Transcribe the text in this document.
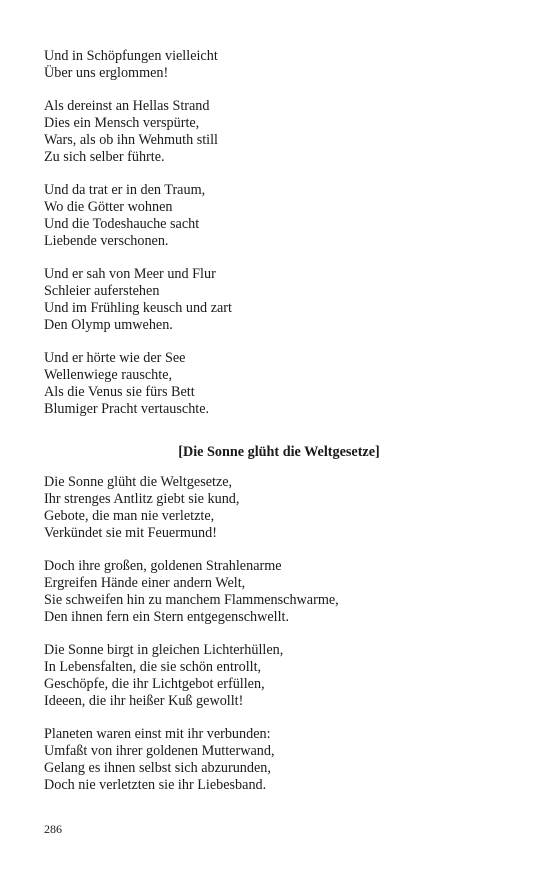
Und in Schöpfungen vielleicht
Über uns erglommen!
Als dereinst an Hellas Strand
Dies ein Mensch verspürte,
Wars, als ob ihn Wehmuth still
Zu sich selber führte.
Und da trat er in den Traum,
Wo die Götter wohnen
Und die Todeshauche sacht
Liebende verschonen.
Und er sah von Meer und Flur
Schleier auferstehen
Und im Frühling keusch und zart
Den Olymp umwehen.
Und er hörte wie der See
Wellenwiege rauschte,
Als die Venus sie fürs Bett
Blumiger Pracht vertauschte.
[Die Sonne glüht die Weltgesetze]
Die Sonne glüht die Weltgesetze,
Ihr strenges Antlitz giebt sie kund,
Gebote, die man nie verletzte,
Verkündet sie mit Feuermund!
Doch ihre großen, goldenen Strahlenarme
Ergreifen Hände einer andern Welt,
Sie schweifen hin zu manchem Flammenschwarme,
Den ihnen fern ein Stern entgegenschwellt.
Die Sonne birgt in gleichen Lichterhüllen,
In Lebensfalten, die sie schön entrollt,
Geschöpfe, die ihr Lichtgebot erfüllen,
Ideeen, die ihr heißer Kuß gewollt!
Planeten waren einst mit ihr verbunden:
Umfaßt von ihrer goldenen Mutterwand,
Gelang es ihnen selbst sich abzurunden,
Doch nie verletzten sie ihr Liebesband.
286
